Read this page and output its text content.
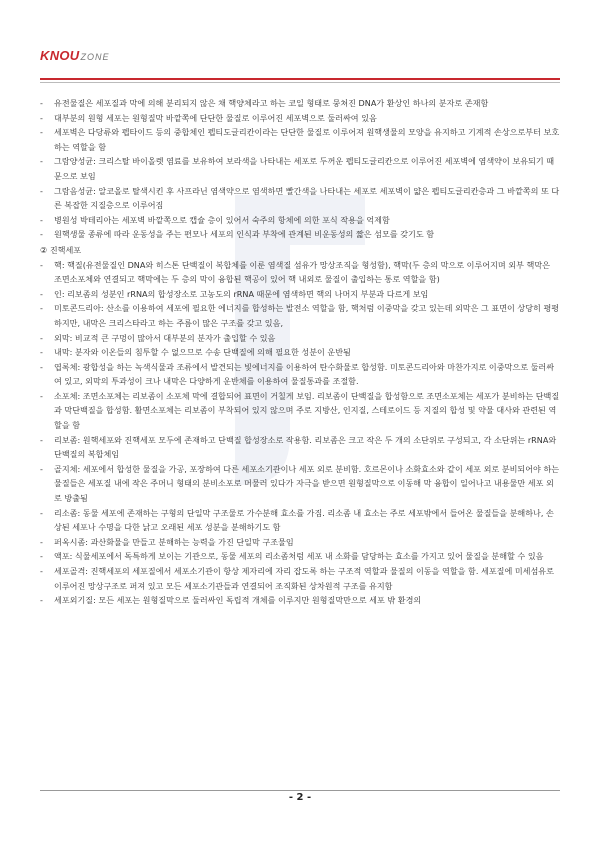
KNOUZONE
- 유전물질은 세포질과 막에 의해 분리되지 않은 채 핵양체라고 하는 코일 형태로 뭉쳐진 DNA가 환상인 하나의 분자로 존재함
- 대부분의 원형 세포는 원형질막 바깥쪽에 단단한 물질로 이루어진 세포벽으로 둘러싸여 있음
- 세포벽은 다당류와 펩타이드 등의 중합체인 펩티도글리칸이라는 단단한 물질로 이루어져 원핵생물의 모양을 유지하고 기계적 손상으로부터 보호하는 역할을 함
- 그람양성균: 크리스탈 바이올렛 염료를 보유하여 보라색을 나타내는 세포로 두꺼운 펩티도글리칸으로 이루어진 세포벽에 염색약이 보유되기 때문으로 보임
- 그람음성균: 알코올로 탈색시킨 후 사프라닌 염색약으로 염색하면 빨간색을 나타내는 세포로 세포벽이 얇은 펩티도글리칸층과 그 바깥쪽의 또 다른 복잡한 지질층으로 이루어짐
- 병원성 박테리아는 세포벽 바깥쪽으로 캡슐 층이 있어서 숙주의 항체에 의한 포식 작용을 억제함
- 원핵생물 종류에 따라 운동성을 주는 편모나 세포의 인식과 부착에 관계된 비운동성의 짧은 섬모를 갖기도 함
② 진핵세포
- 핵: 핵질(유전물질인 DNA와 히스톤 단백질이 복합체를 이룬 염색질 섬유가 망상조직을 형성함), 핵막(두 층의 막으로 이루어지며 외부 핵막은 조면소포체와 연결되고 핵막에는 두 층의 막이 융합된 핵공이 있어 핵 내외로 물질이 출입하는 통로 역할을 함)
- 인: 리보좀의 성분인 rRNA의 합성장소로 고농도의 rRNA 때문에 염색하면 핵의 나머지 부분과 다르게 보임
- 미토콘드리아: 산소를 이용하여 세포에 필요한 에너지를 합성하는 발전소 역할을 함, 핵처럼 이중막을 갖고 있는데 외막은 그 표면이 상당히 평평하지만, 내막은 크리스타라고 하는 주름이 많은 구조를 갖고 있음,
- 외막: 비교적 큰 구멍이 많아서 대부분의 분자가 출입할 수 있음
- 내막: 분자와 이온들의 침투할 수 없으므로 수송 단백질에 의해 필요한 성분이 운반됨
- 엽록체: 광합성을 하는 녹색식물과 조류에서 발견되는 빛에너지를 이용하여 탄수화물로 합성함. 미토콘드리아와 마찬가지로 이중막으로 둘러싸여 있고, 외막의 투과성이 크나 내막은 다양하게 운반체를 이용하여 물질통과를 조절함.
- 소포체: 조면소포체는 리보좀이 소포체 막에 결합되어 표면이 거칠게 보임. 리보좀이 단백질을 합성함으로 조면소포체는 세포가 분비하는 단백질과 막단백질을 합성함. 활면소포체는 리보좀이 부착되어 있지 않으며 주로 지방산, 인지질, 스테로이드 등 지질의 합성 및 약물 대사와 관련된 역할을 함
- 리보좀: 원핵세포와 진핵세포 모두에 존재하고 단백질 합성장소로 작용함. 리보좀은 크고 작은 두 개의 소단위로 구성되고, 각 소단위는 rRNA와 단백질의 복합체임
- 골지체: 세포에서 합성한 물질을 가공, 포장하여 다른 세포소기관이나 세포 외로 분비함. 호르몬이나 소화효소와 같이 세포 외로 분비되어야 하는 물질들은 세포질 내에 작은 주머니 형태의 분비소포로 머물러 있다가 자극을 받으면 원형질막으로 이동해 막 융합이 일어나고 내용물만 세포 외로 방출됨
- 리소좀: 동물 세포에 존재하는 구형의 단일막 구조물로 가수분해 효소를 가짐. 리소좀 내 효소는 주로 세포밖에서 들어온 물질들을 분해하나, 손상된 세포나 수명을 다한 낡고 오래된 세포 성분을 분해하기도 함
- 퍼옥시좀: 과산화물을 만들고 분해하는 능력을 가진 단일막 구조물임
- 액포: 식물세포에서 독특하게 보이는 기관으로, 동물 세포의 리소좀처럼 세포 내 소화를 담당하는 효소를 가지고 있어 물질을 분해할 수 있음
- 세포골격: 진핵세포의 세포질에서 세포소기관이 항상 제자리에 자리 잡도록 하는 구조적 역할과 물질의 이동을 역할을 함. 세포질에 미세섬유로 이루어진 망상구조로 퍼져 있고 모든 세포소기관들과 연결되어 조직화된 상차원적 구조를 유지함
- 세포외기질: 모든 세포는 원형질막으로 둘러싸인 독립적 개체를 이루지만 원형질막만으로 세포 밖 환경의
- 2 -
